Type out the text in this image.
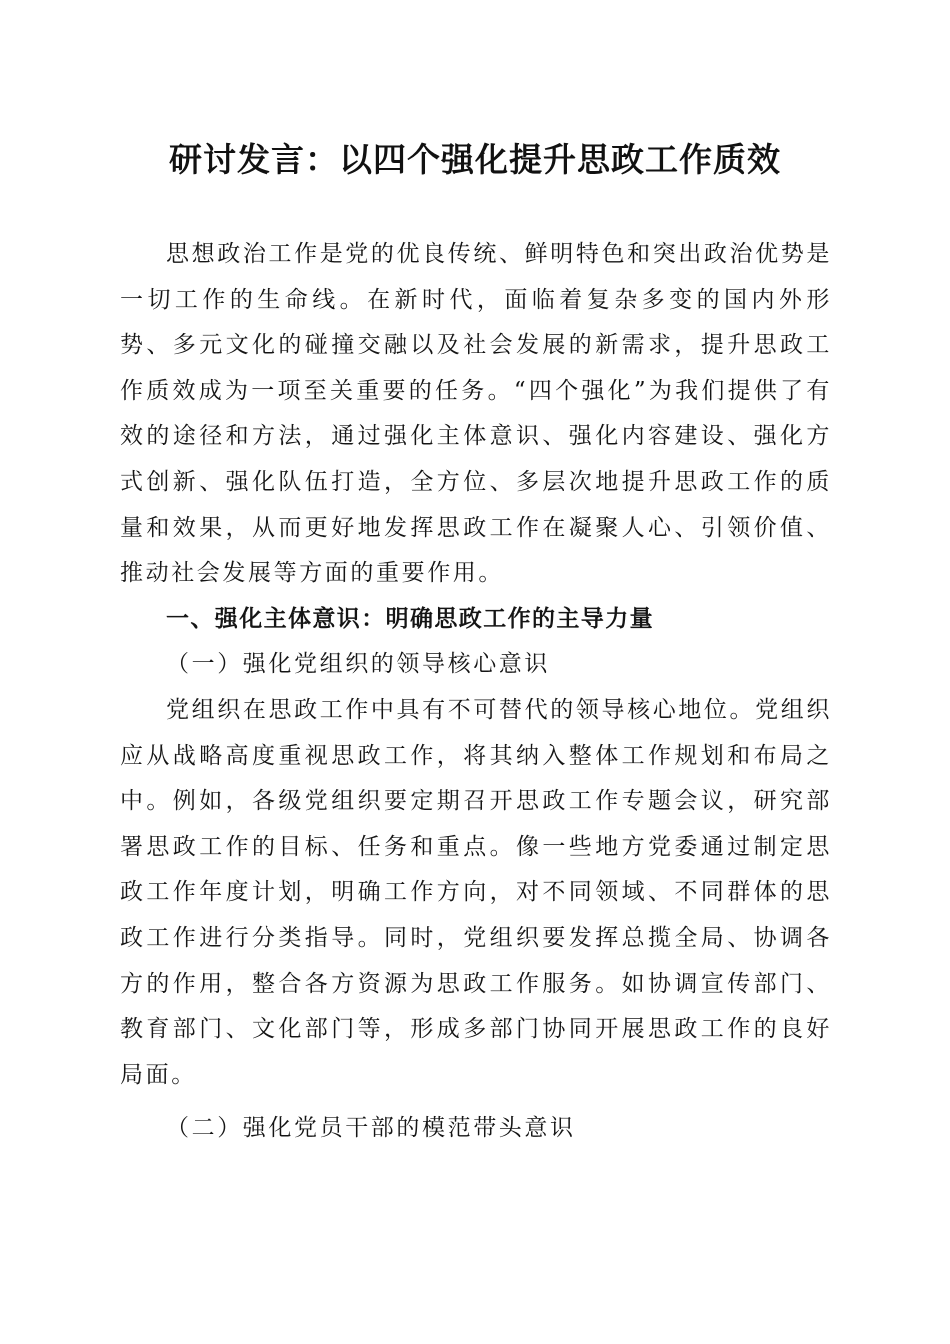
研讨发言：以四个强化提升思政工作质效

思想政治工作是党的优良传统、鲜明特色和突出政治优势是一切工作的生命线。在新时代，面临着复杂多变的国内外形势、多元文化的碰撞交融以及社会发展的新需求，提升思政工作质效成为一项至关重要的任务。“四个强化”为我们提供了有效的途径和方法，通过强化主体意识、强化内容建设、强化方式创新、强化队伍打造，全方位、多层次地提升思政工作的质量和效果，从而更好地发挥思政工作在凝聚人心、引领价值、推动社会发展等方面的重要作用。

一、强化主体意识：明确思政工作的主导力量

（一）强化党组织的领导核心意识

党组织在思政工作中具有不可替代的领导核心地位。党组织应从战略高度重视思政工作，将其纳入整体工作规划和布局之中。例如，各级党组织要定期召开思政工作专题会议，研究部署思政工作的目标、任务和重点。像一些地方党委通过制定思政工作年度计划，明确工作方向，对不同领域、不同群体的思政工作进行分类指导。同时，党组织要发挥总揽全局、协调各方的作用，整合各方资源为思政工作服务。如协调宣传部门、教育部门、文化部门等，形成多部门协同开展思政工作的良好局面。

（二）强化党员干部的模范带头意识
